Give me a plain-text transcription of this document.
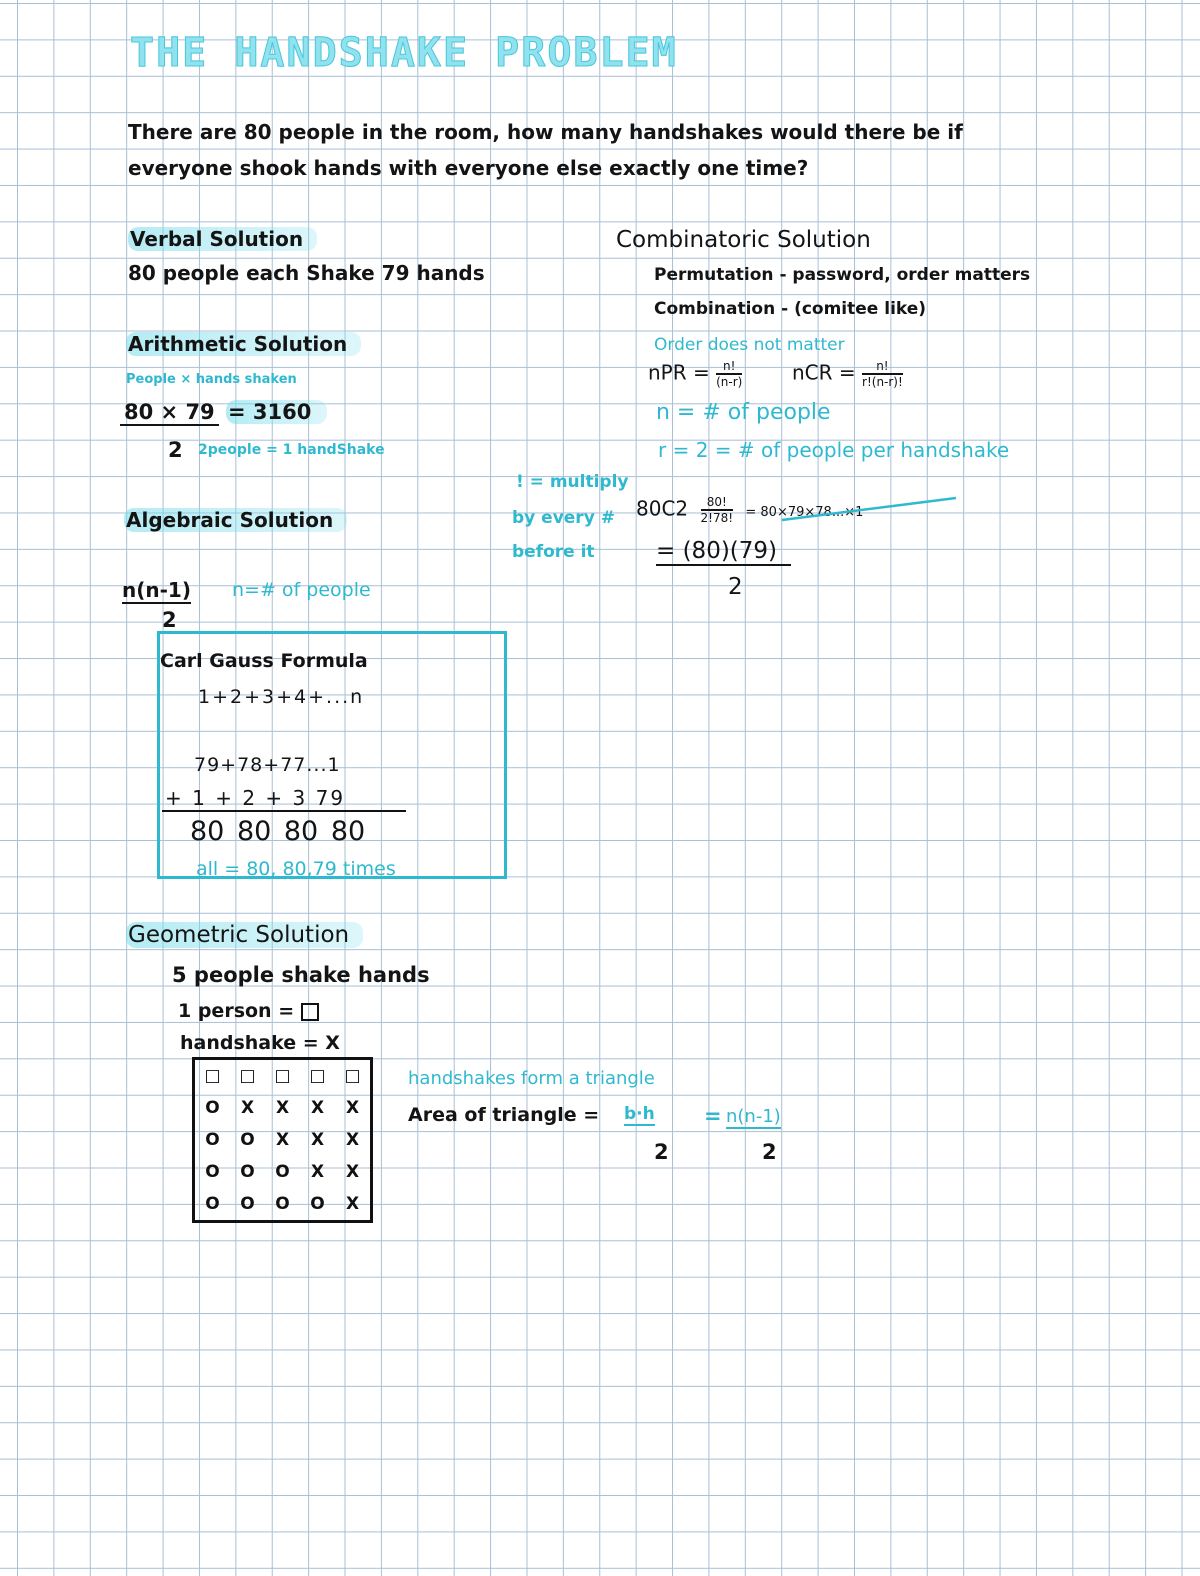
THE HANDSHAKE PROBLEM
There are 80 people in the room, how many handshakes would there be if
everyone shook hands with everyone else exactly one time?
Verbal Solution
80 people each Shake 79 hands
Arithmetic Solution
People × hands shaken
80 × 79 = 3160
2 2people = 1 handShake
! = multiply
by every #
before it
Algebraic Solution
n(n-1) n=# of people
2
Carl Gauss Formula
1+2+3+4+...n
79+78+77...1
+ 1 + 2 + 3 79
80 80 80 80
all = 80, 80,79 times
Combinatoric Solution
Permutation - password, order matters
Combination - (comitee like)
Order does not matter
nPR = $\frac{n!}{(n-r)}$ nCR = $\frac{n!}{r!(n-r)!}$
n = # of people
r = 2 = # of people per handshake
$80C2 \frac{80!}{2!78!} = 80\times 79\times 78...\times 1$
= (80)(79)
2
Geometric Solution
5 people shake hands
1 person =
handshake = X
□	□	□	□	□
O	X	X	X	X
O	O	X	X	X
O	O	O	X	X
O	O	O	O	X
handshakes form a triangle
Area of triangle = b·h
2
= n(n-1)
2
